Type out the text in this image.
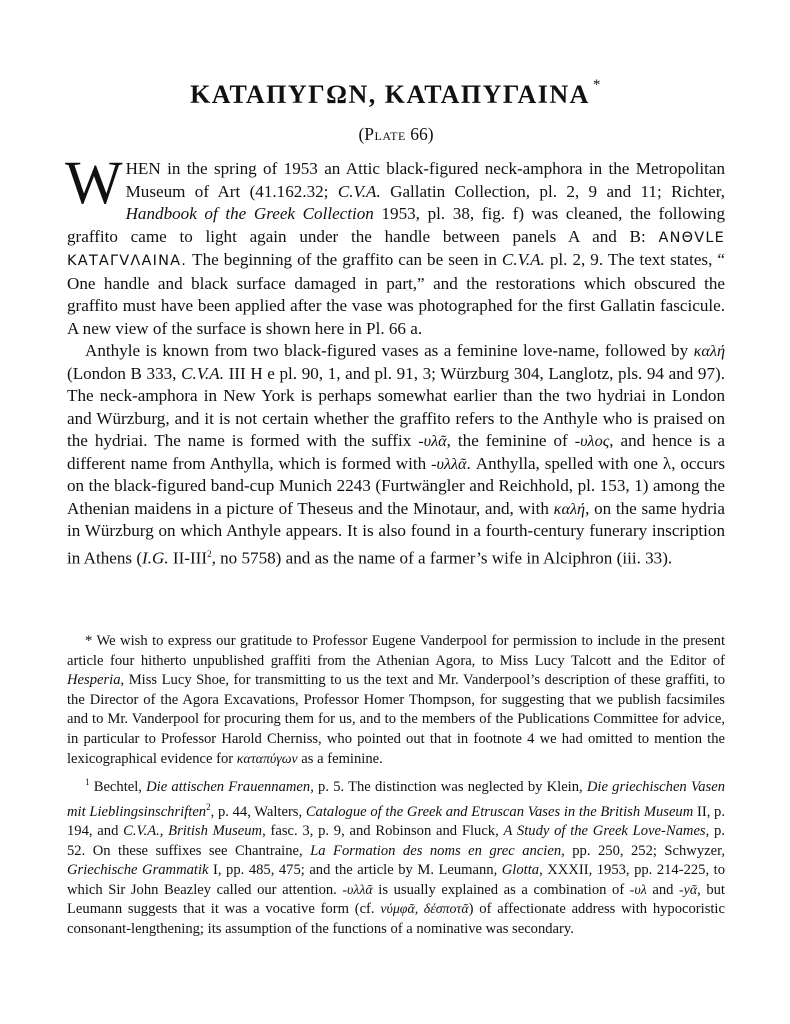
ΚΑΤΑΠΥΓΩΝ, ΚΑΤΑΠΥΓΑΙΝΑ *
(Plate 66)

WHEN in the spring of 1953 an Attic black-figured neck-amphora in the Metropolitan Museum of Art (41.162.32; C.V.A. Gallatin Collection, pl. 2, 9 and 11; Richter, Handbook of the Greek Collection 1953, pl. 38, fig. f) was cleaned, the following graffito came to light again under the handle between panels A and B: ΑΝΘVLΕ ΚΑΤΑΓVΛΑΙΝΑ. The beginning of the graffito can be seen in C.V.A. pl. 2, 9. The text states, “ One handle and black surface damaged in part,” and the restorations which obscured the graffito must have been applied after the vase was photographed for the first Gallatin fascicule. A new view of the surface is shown here in Pl. 66 a.

Anthyle is known from two black-figured vases as a feminine love-name, followed by καλή (London B 333, C.V.A. III H e pl. 90, 1, and pl. 91, 3; Würzburg 304, Langlotz, pls. 94 and 97). The neck-amphora in New York is perhaps somewhat earlier than the two hydriai in London and Würzburg, and it is not certain whether the graffito refers to the Anthyle who is praised on the hydriai. The name is formed with the suffix -υλᾶ, the feminine of -υλος, and hence is a different name from Anthylla, which is formed with -υλλᾶ. Anthylla, spelled with one λ, occurs on the black-figured band-cup Munich 2243 (Furtwängler and Reichhold, pl. 153, 1) among the Athenian maidens in a picture of Theseus and the Minotaur, and, with καλή, on the same hydria in Würzburg on which Anthyle appears. It is also found in a fourth-century funerary inscription in Athens (I.G. II-III$^2$, no 5758) and as the name of a farmer’s wife in Alciphron (iii. 33).

* We wish to express our gratitude to Professor Eugene Vanderpool for permission to include in the present article four hitherto unpublished graffiti from the Athenian Agora, to Miss Lucy Talcott and the Editor of Hesperia, Miss Lucy Shoe, for transmitting to us the text and Mr. Vanderpool’s description of these graffiti, to the Director of the Agora Excavations, Professor Homer Thompson, for suggesting that we publish facsimiles and to Mr. Vanderpool for procuring them for us, and to the members of the Publications Committee for advice, in particular to Professor Harold Cherniss, who pointed out that in footnote 4 we had omitted to mention the lexicographical evidence for καταπύγων as a feminine.

$^1$ Bechtel, Die attischen Frauennamen, p. 5. The distinction was neglected by Klein, Die griechischen Vasen mit Lieblingsinschriften$^2$, p. 44, Walters, Catalogue of the Greek and Etruscan Vases in the British Museum II, p. 194, and C.V.A., British Museum, fasc. 3, p. 9, and Robinson and Fluck, A Study of the Greek Love-Names, p. 52. On these suffixes see Chantraine, La Formation des noms en grec ancien, pp. 250, 252; Schwyzer, Griechische Grammatik I, pp. 485, 475; and the article by M. Leumann, Glotta, XXXII, 1953, pp. 214-225, to which Sir John Beazley called our attention. -υλλᾶ is usually explained as a combination of -υλ and -yᾶ, but Leumann suggests that it was a vocative form (cf. νύμφᾶ, δέσποτᾶ) of affectionate address with hypocoristic consonant-lengthening; its assumption of the functions of a nominative was secondary.
